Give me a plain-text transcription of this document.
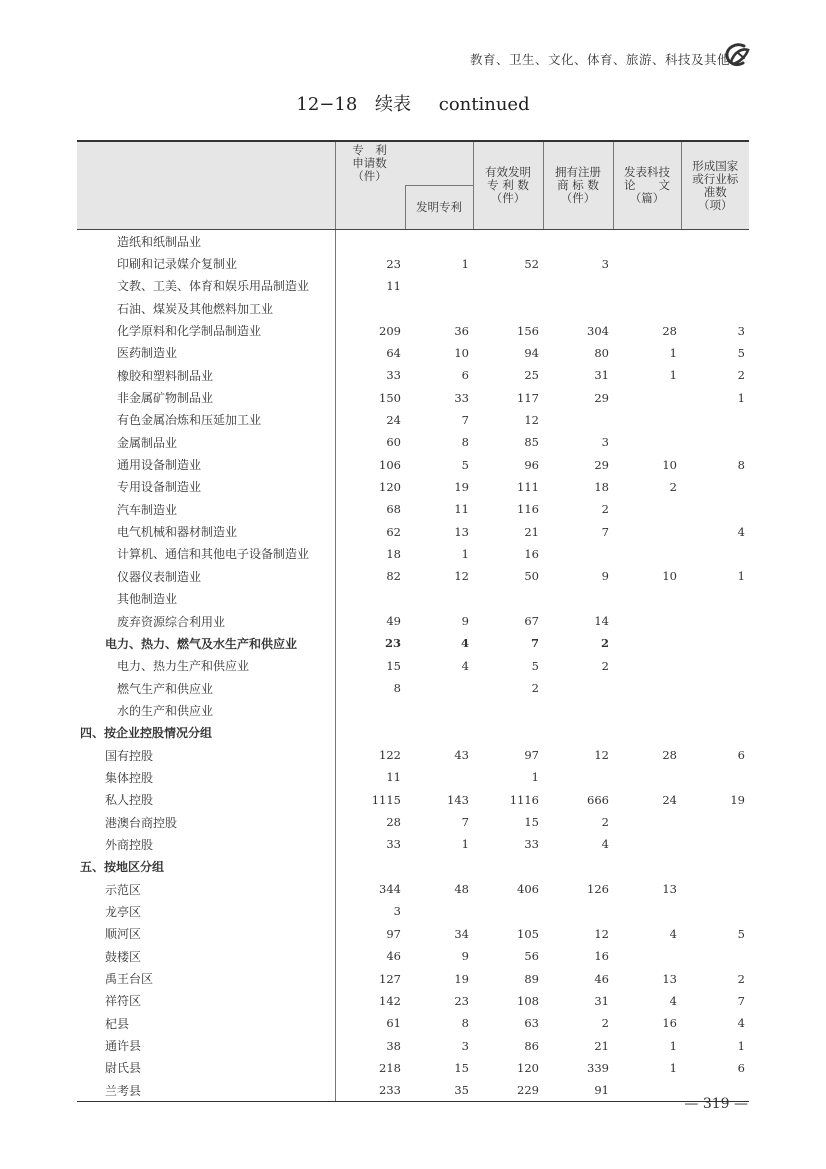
教育、卫生、文化、体育、旅游、科技及其他
12−18 续表 continued

	专　利
申请数
（件）		有效发明
专 利 数
（件）	拥有注册
商 标 数
（件）	发表科技
论　　文
（篇）	形成国家
或行业标
准数
（项）

		发明专利				
造纸和纸制品业						
印刷和记录媒介复制业	23	1	52	3		
文教、工美、体育和娱乐用品制造业	11					
石油、煤炭及其他燃料加工业						
化学原料和化学制品制造业	209	36	156	304	28	3
医药制造业	64	10	94	80	1	5
橡胶和塑料制品业	33	6	25	31	1	2
非金属矿物制品业	150	33	117	29		1
有色金属冶炼和压延加工业	24	7	12			
金属制品业	60	8	85	3		
通用设备制造业	106	5	96	29	10	8
专用设备制造业	120	19	111	18	2	
汽车制造业	68	11	116	2		
电气机械和器材制造业	62	13	21	7		4
计算机、通信和其他电子设备制造业	18	1	16			
仪器仪表制造业	82	12	50	9	10	1
其他制造业						
废弃资源综合利用业	49	9	67	14		
电力、热力、燃气及水生产和供应业	23	4	7	2		
电力、热力生产和供应业	15	4	5	2		
燃气生产和供应业	8		2			
水的生产和供应业						
四、按企业控股情况分组						
国有控股	122	43	97	12	28	6
集体控股	11		1			
私人控股	1115	143	1116	666	24	19
港澳台商控股	28	7	15	2		
外商控股	33	1	33	4		
五、按地区分组						
示范区	344	48	406	126	13	
龙亭区	3					
顺河区	97	34	105	12	4	5
鼓楼区	46	9	56	16		
禹王台区	127	19	89	46	13	2
祥符区	142	23	108	31	4	7
杞县	61	8	63	2	16	4
通许县	38	3	86	21	1	1
尉氏县	218	15	120	339	1	6
兰考县	233	35	229	91		
— 319 —
